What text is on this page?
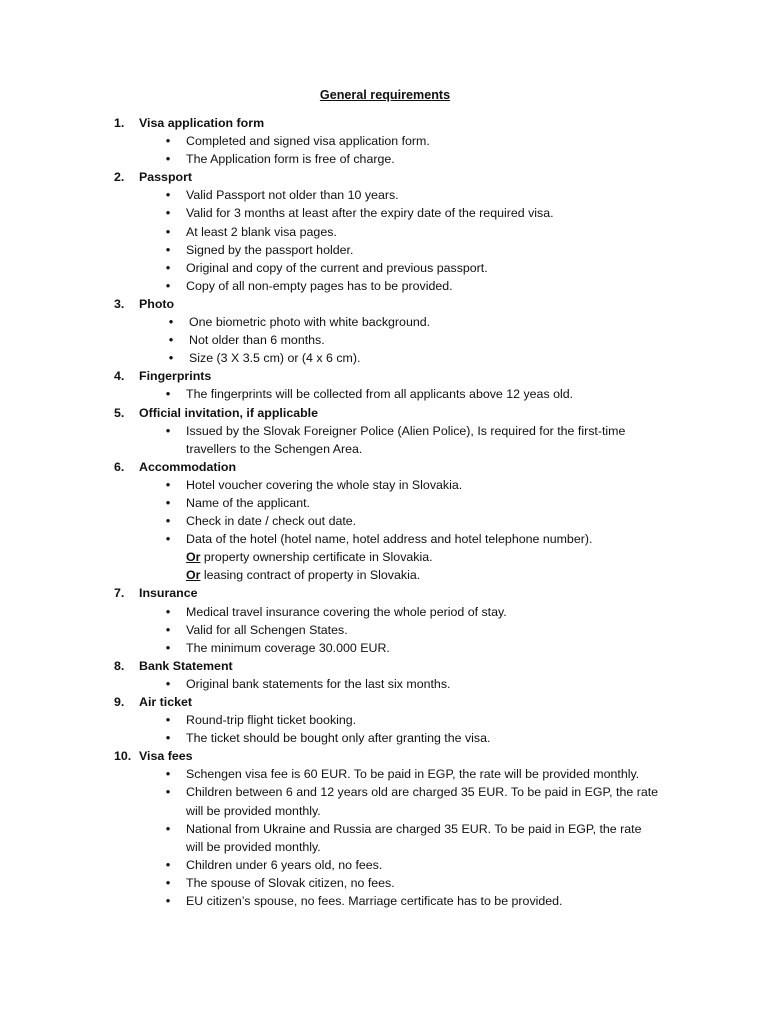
General requirements
1.	Visa application form
• Completed and signed visa application form.
• The Application form is free of charge.
2.	Passport
• Valid Passport not older than 10 years.
• Valid for 3 months at least after the expiry date of the required visa.
• At least 2 blank visa pages.
• Signed by the passport holder.
• Original and copy of the current and previous passport.
• Copy of all non-empty pages has to be provided.
3.	Photo
• One biometric photo with white background.
• Not older than 6 months.
• Size (3 X 3.5 cm) or (4 x 6 cm).
4.	Fingerprints
• The fingerprints will be collected from all applicants above 12 yeas old.
5.	Official invitation, if applicable
• Issued by the Slovak Foreigner Police (Alien Police), Is required for the first-time
travellers to the Schengen Area.
6.	Accommodation
• Hotel voucher covering the whole stay in Slovakia.
• Name of the applicant.
• Check in date / check out date.
• Data of the hotel (hotel name, hotel address and hotel telephone number).
Or property ownership certificate in Slovakia.
Or leasing contract of property in Slovakia.
7.	Insurance
• Medical travel insurance covering the whole period of stay.
• Valid for all Schengen States.
• The minimum coverage 30.000 EUR.
8.	Bank Statement
• Original bank statements for the last six months.
9.	Air ticket
• Round-trip flight ticket booking.
• The ticket should be bought only after granting the visa.
10. Visa fees
• Schengen visa fee is 60 EUR. To be paid in EGP, the rate will be provided monthly.
• Children between 6 and 12 years old are charged 35 EUR. To be paid in EGP, the rate
will be provided monthly.
• National from Ukraine and Russia are charged 35 EUR. To be paid in EGP, the rate
will be provided monthly.
• Children under 6 years old, no fees.
• The spouse of Slovak citizen, no fees.
• EU citizen’s spouse, no fees. Marriage certificate has to be provided.
